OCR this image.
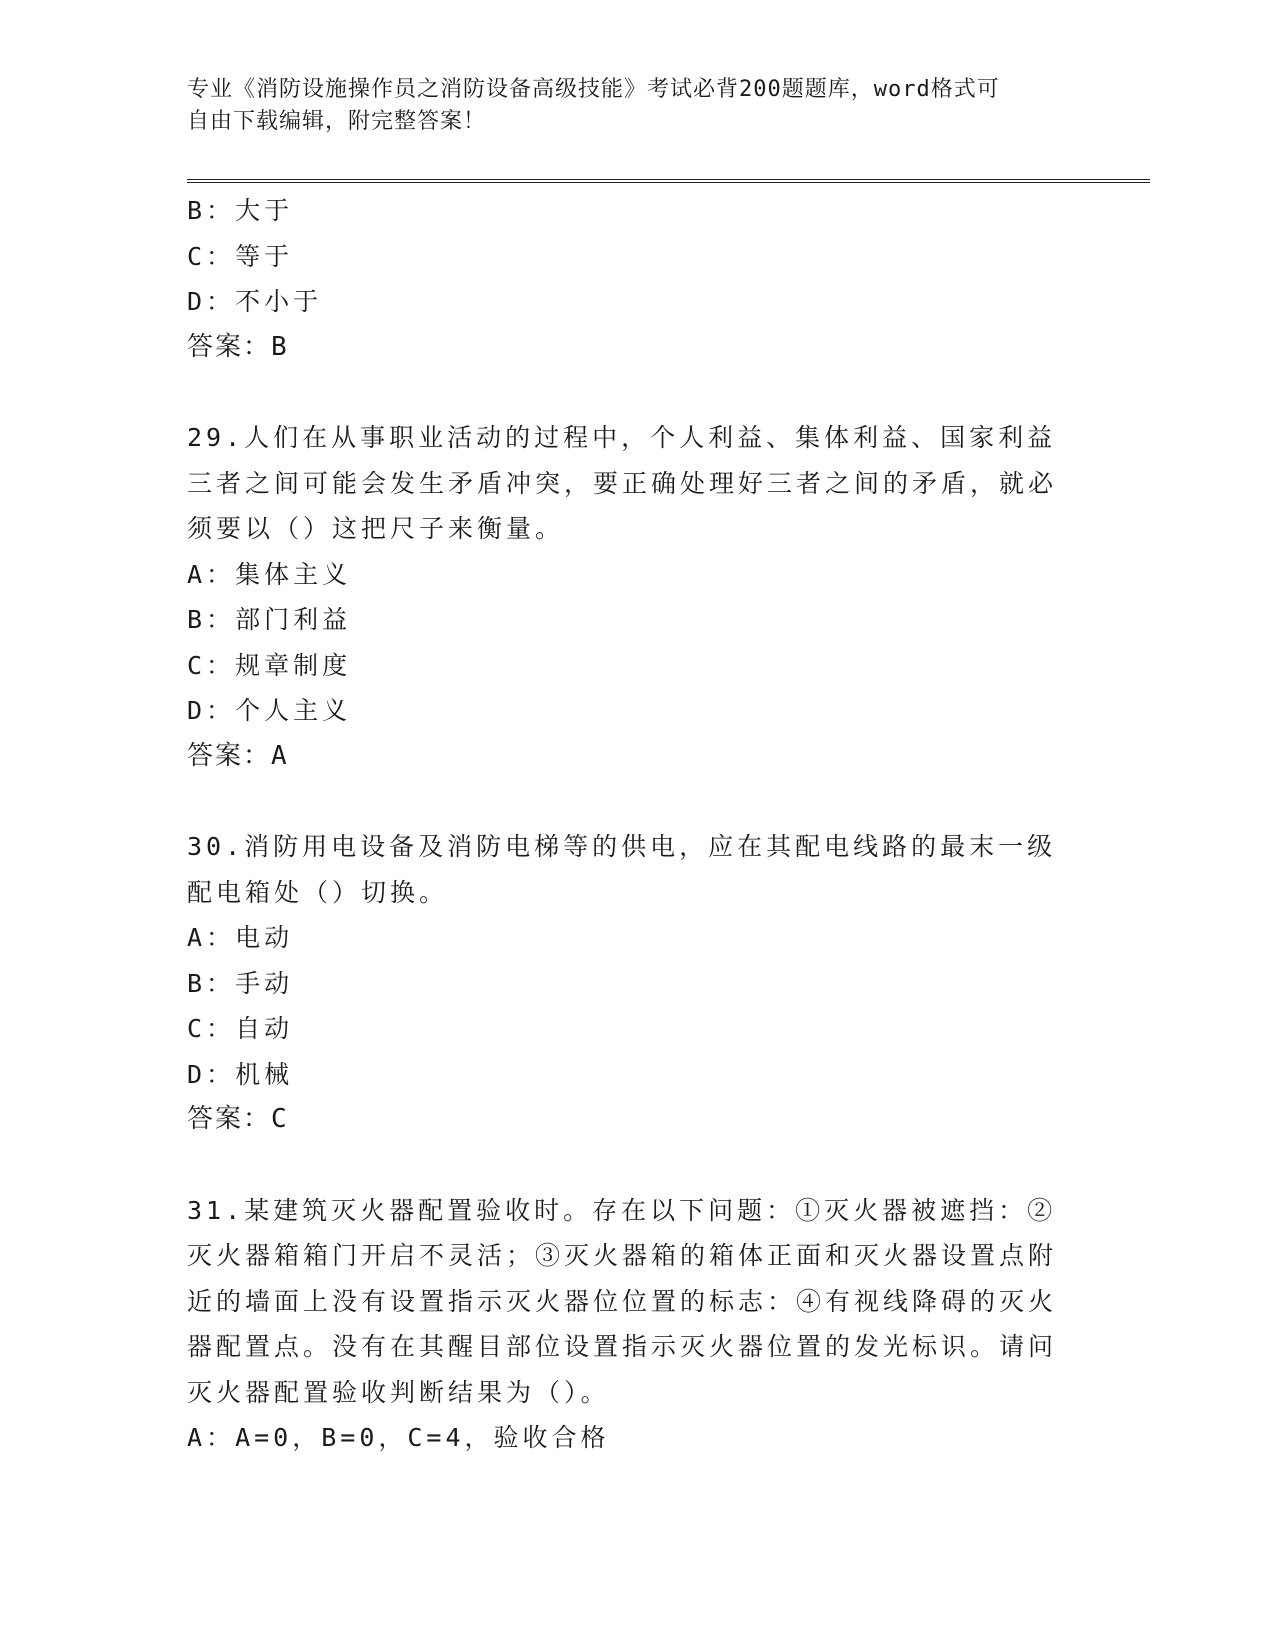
专业《消防设施操作员之消防设备高级技能》考试必背200题题库，word格式可
自由下载编辑，附完整答案！
B：大于
C：等于
D：不小于
答案：B
29.人们在从事职业活动的过程中，个人利益、集体利益、国家利益三者之间可能会发生矛盾冲突，要正确处理好三者之间的矛盾，就必须要以（）这把尺子来衡量。
A：集体主义
B：部门利益
C：规章制度
D：个人主义
答案：A
30.消防用电设备及消防电梯等的供电，应在其配电线路的最末一级配电箱处（）切换。
A：电动
B：手动
C：自动
D：机械
答案：C
31.某建筑灭火器配置验收时。存在以下问题：①灭火器被遮挡：②灭火器箱箱门开启不灵活；③灭火器箱的箱体正面和灭火器设置点附近的墙面上没有设置指示灭火器位位置的标志：④有视线降碍的灭火器配置点。没有在其醒目部位设置指示灭火器位置的发光标识。请问灭火器配置验收判断结果为（）。
A：A=0，B=0，C=4，验收合格
